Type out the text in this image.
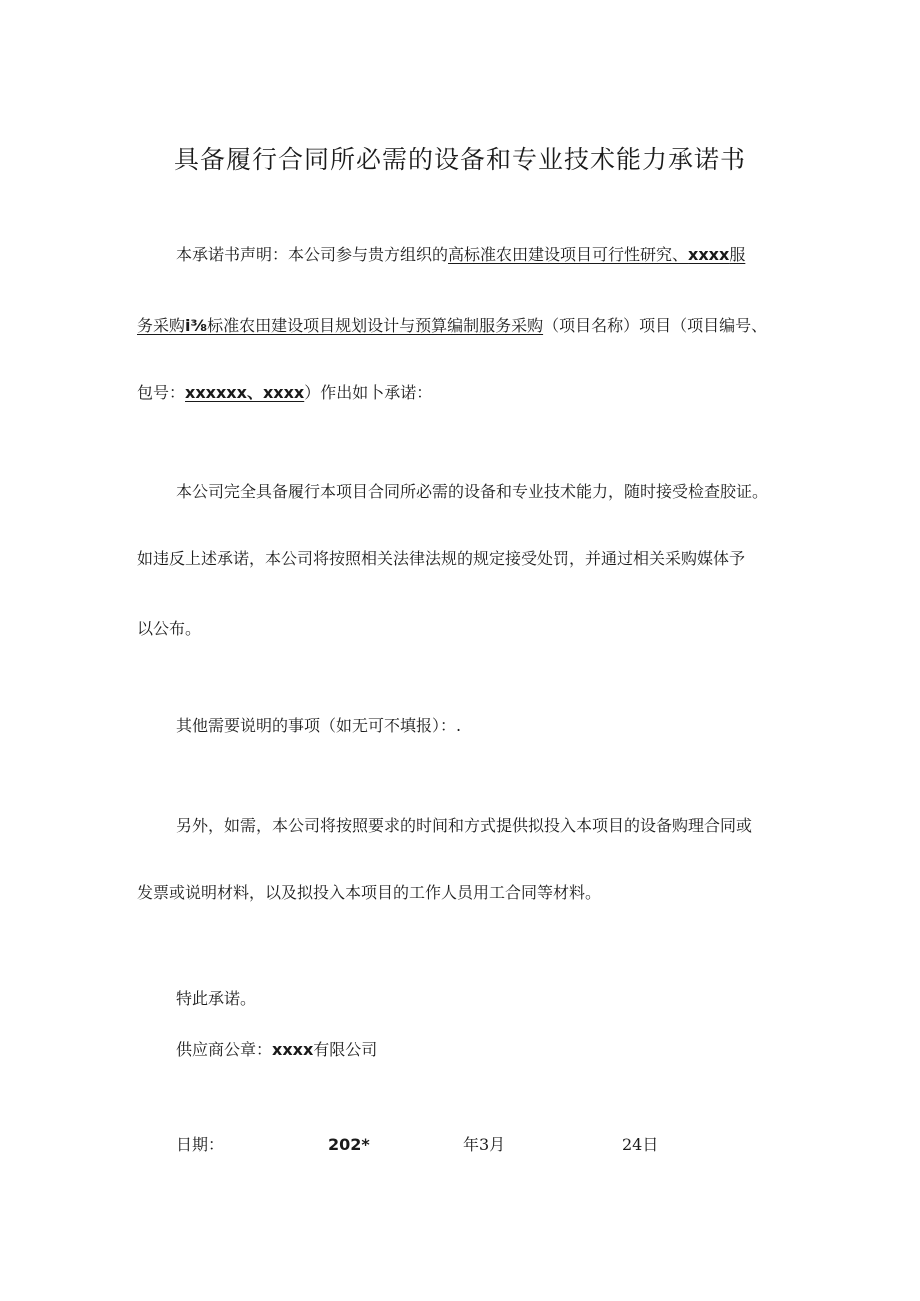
具备履行合同所必需的设备和专业技术能力承诺书
本承诺书声明：本公司参与贵方组织的高标准农田建设项目可行性研究、xxxx服
务采购i⅜标准农田建设项目规划设计与预算编制服务采购（项目名称）项目（项目编号、
包号：xxxxxx、xxxx）作出如卜承诺：
本公司完全具备履行本项目合同所必需的设备和专业技术能力，随时接受检查胶证。
如违反上述承诺，本公司将按照相关法律法规的规定接受处罚，并通过相关采购媒体予
以公布。
其他需要说明的事项（如无可不填报）：.
另外，如需，本公司将按照要求的时间和方式提供拟投入本项目的设备购理合同或
发票或说明材料，以及拟投入本项目的工作人员用工合同等材料。
特此承诺。
供应商公章：xxxx有限公司
日期：	202*	年3月	24日
